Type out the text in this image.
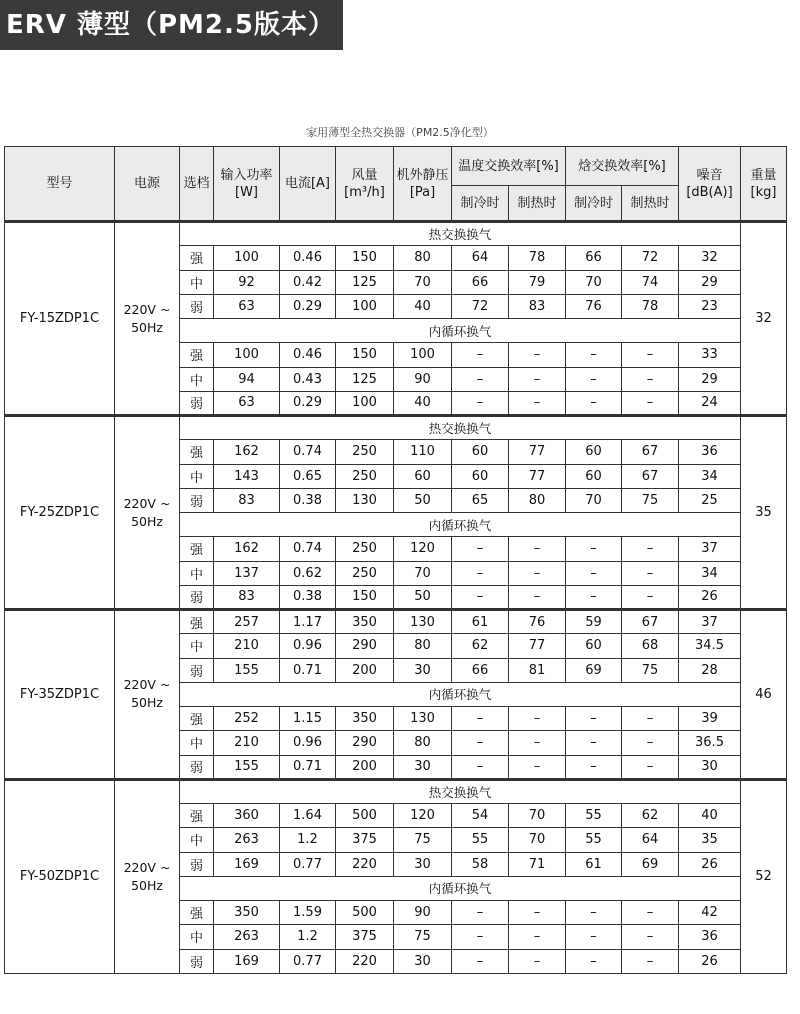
ERV 薄型（PM2.5版本）
家用薄型全热交换器（PM2.5净化型）
型号	电源	选档	输入功率[W]	电流[A]	风量[m³/h]	机外静压[Pa]	温度交换效率[%]		焓交换效率[%]		噪音[dB(A)]	重量[kg]
							制冷时	制热时	制冷时	制热时		
FY-15ZDP1C	220V ~ 50Hz	热交换换气										32
		强	100	0.46	150	80	64	78	66	72	32	
		中	92	0.42	125	70	66	79	70	74	29	
		弱	63	0.29	100	40	72	83	76	78	23	
		内循环换气										
		强	100	0.46	150	100	–	–	–	–	33	
		中	94	0.43	125	90	–	–	–	–	29	
		弱	63	0.29	100	40	–	–	–	–	24	
FY-25ZDP1C	220V ~ 50Hz	热交换换气										35
		强	162	0.74	250	110	60	77	60	67	36	
		中	143	0.65	250	60	60	77	60	67	34	
		弱	83	0.38	130	50	65	80	70	75	25	
		内循环换气										
		强	162	0.74	250	120	–	–	–	–	37	
		中	137	0.62	250	70	–	–	–	–	34	
		弱	83	0.38	150	50	–	–	–	–	26	
FY-35ZDP1C	220V ~ 50Hz	强	257	1.17	350	130	61	76	59	67	37	46
		中	210	0.96	290	80	62	77	60	68	34.5	
		弱	155	0.71	200	30	66	81	69	75	28	
		内循环换气										
		强	252	1.15	350	130	–	–	–	–	39	
		中	210	0.96	290	80	–	–	–	–	36.5	
		弱	155	0.71	200	30	–	–	–	–	30	
FY-50ZDP1C	220V ~ 50Hz	热交换换气										52
		强	360	1.64	500	120	54	70	55	62	40	
		中	263	1.2	375	75	55	70	55	64	35	
		弱	169	0.77	220	30	58	71	61	69	26	
		内循环换气										
		强	350	1.59	500	90	–	–	–	–	42	
		中	263	1.2	375	75	–	–	–	–	36	
		弱	169	0.77	220	30	–	–	–	–	26	
